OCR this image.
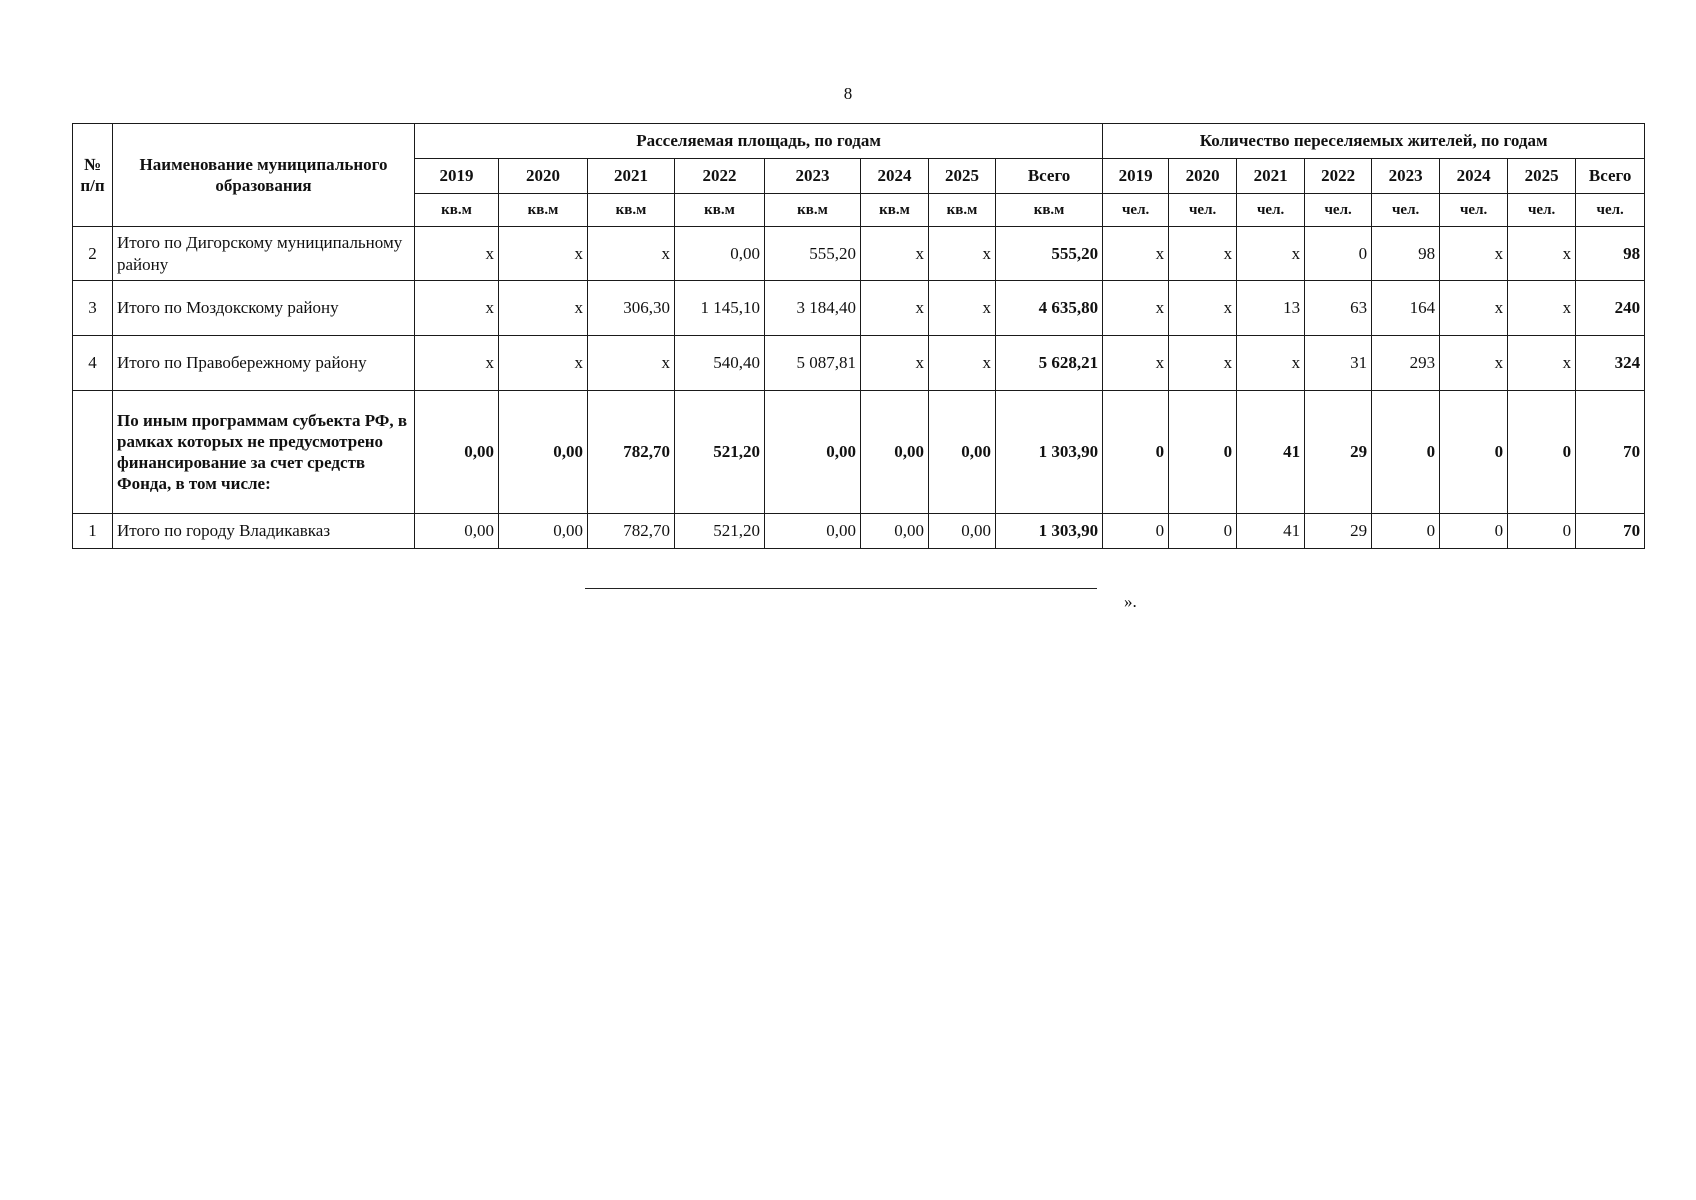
8
№ п/п	Наименование муниципального образования	Расселяемая площадь, по годам								Количество переселяемых жителей, по годам							
		2019	2020	2021	2022	2023	2024	2025	Всего	2019	2020	2021	2022	2023	2024	2025	Всего
		кв.м	кв.м	кв.м	кв.м	кв.м	кв.м	кв.м	кв.м	чел.	чел.	чел.	чел.	чел.	чел.	чел.	чел.
2	Итого по Дигорскому муниципальному району	x	x	x	0,00	555,20	x	x	555,20	x	x	x	0	98	x	x	98
3	Итого по Моздокскому району	x	x	306,30	1 145,10	3 184,40	x	x	4 635,80	x	x	13	63	164	x	x	240
4	Итого по Правобережному району	x	x	x	540,40	5 087,81	x	x	5 628,21	x	x	x	31	293	x	x	324
	По иным программам субъекта РФ, в рамках которых не предусмотрено финансирование за счет средств Фонда, в том числе:	0,00	0,00	782,70	521,20	0,00	0,00	0,00	1 303,90	0	0	41	29	0	0	0	70
1	Итого по городу Владикавказ	0,00	0,00	782,70	521,20	0,00	0,00	0,00	1 303,90	0	0	41	29	0	0	0	70
».
